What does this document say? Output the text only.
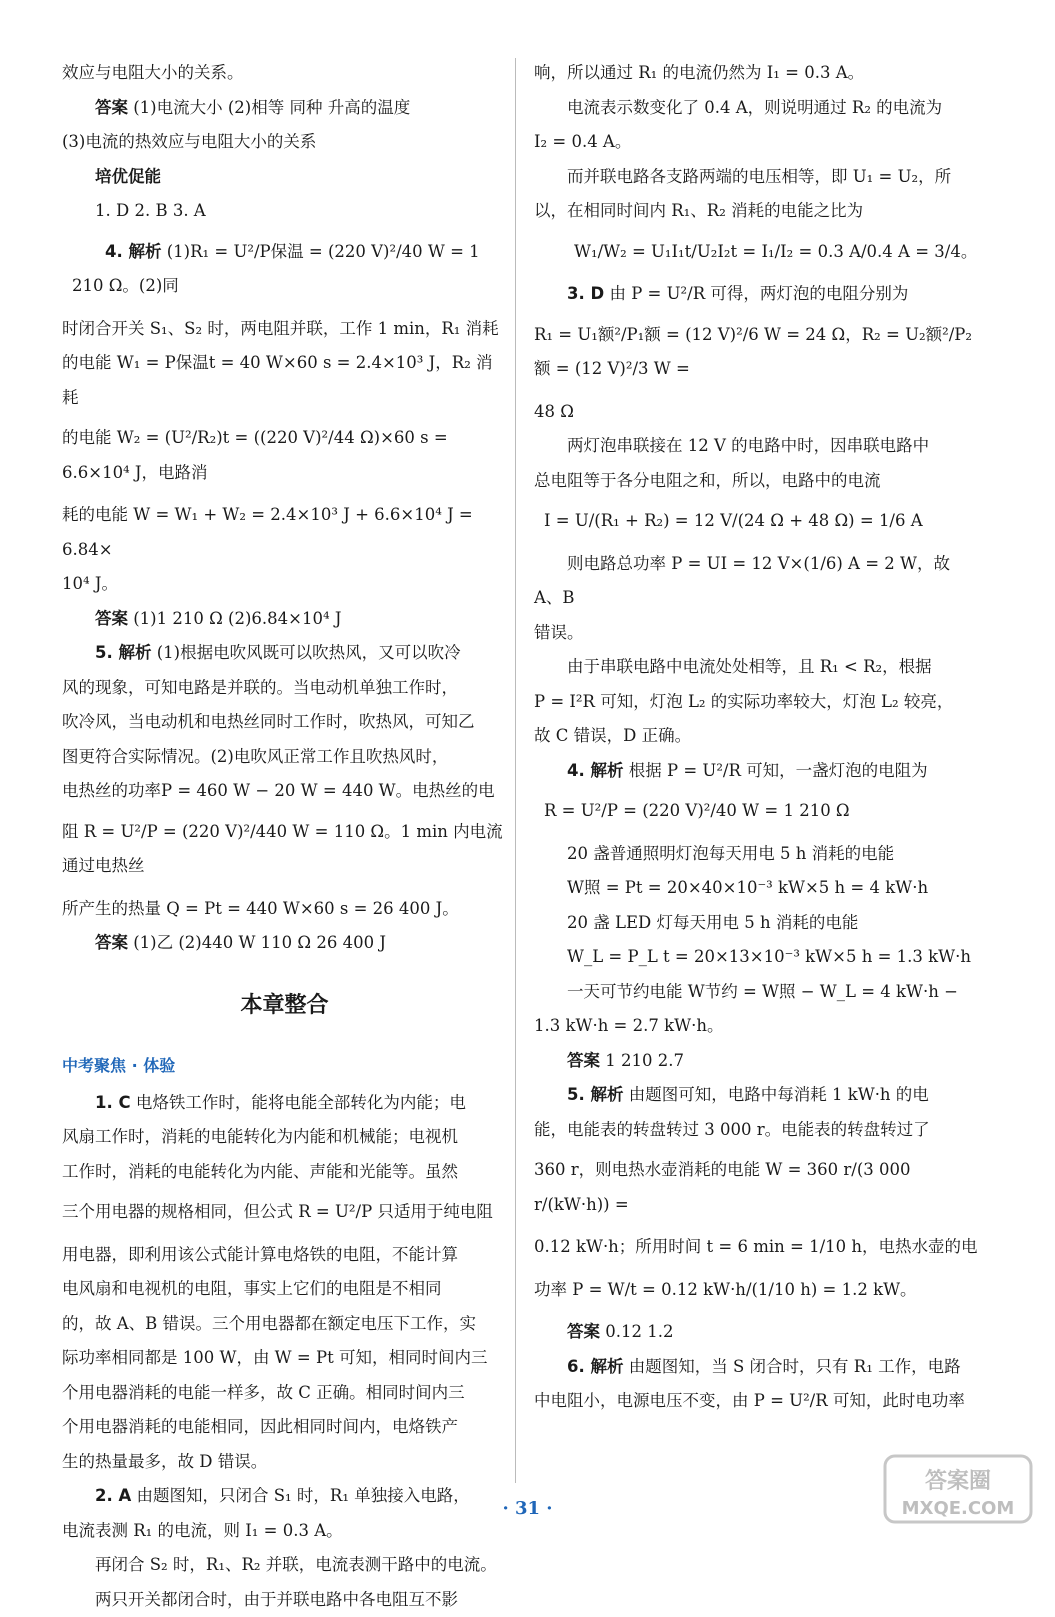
效应与电阻大小的关系。

答案 (1)电流大小 (2)相等 同种 升高的温度

(3)电流的热效应与电阻大小的关系

培优促能

1. D 2. B 3. A

4. 解析 (1)R₁ = U²/P保温 = (220 V)²/40 W = 1 210 Ω。(2)同

时闭合开关 S₁、S₂ 时，两电阻并联，工作 1 min，R₁ 消耗

的电能 W₁ = P保温t = 40 W×60 s = 2.4×10³ J，R₂ 消耗

的电能 W₂ = (U²/R₂)t = ((220 V)²/44 Ω)×60 s = 6.6×10⁴ J，电路消

耗的电能 W = W₁ + W₂ = 2.4×10³ J + 6.6×10⁴ J = 6.84×

10⁴ J。

答案 (1)1 210 Ω (2)6.84×10⁴ J

5. 解析 (1)根据电吹风既可以吹热风，又可以吹冷

风的现象，可知电路是并联的。当电动机单独工作时，

吹冷风，当电动机和电热丝同时工作时，吹热风，可知乙

图更符合实际情况。(2)电吹风正常工作且吹热风时，

电热丝的功率P = 460 W − 20 W = 440 W。电热丝的电

阻 R = U²/P = (220 V)²/440 W = 110 Ω。1 min 内电流通过电热丝

所产生的热量 Q = Pt = 440 W×60 s = 26 400 J。

答案 (1)乙 (2)440 W 110 Ω 26 400 J

本章整合
中考聚焦 · 体验

1. C 电烙铁工作时，能将电能全部转化为内能；电

风扇工作时，消耗的电能转化为内能和机械能；电视机

工作时，消耗的电能转化为内能、声能和光能等。虽然

三个用电器的规格相同，但公式 R = U²/P 只适用于纯电阻

用电器，即利用该公式能计算电烙铁的电阻，不能计算

电风扇和电视机的电阻，事实上它们的电阻是不相同

的，故 A、B 错误。三个用电器都在额定电压下工作，实

际功率相同都是 100 W，由 W = Pt 可知，相同时间内三

个用电器消耗的电能一样多，故 C 正确。相同时间内三

个用电器消耗的电能相同，因此相同时间内，电烙铁产

生的热量最多，故 D 错误。

2. A 由题图知，只闭合 S₁ 时，R₁ 单独接入电路，

电流表测 R₁ 的电流，则 I₁ = 0.3 A。

再闭合 S₂ 时，R₁、R₂ 并联，电流表测干路中的电流。

两只开关都闭合时，由于并联电路中各电阻互不影

响，所以通过 R₁ 的电流仍然为 I₁ = 0.3 A。

电流表示数变化了 0.4 A，则说明通过 R₂ 的电流为

I₂ = 0.4 A。

而并联电路各支路两端的电压相等，即 U₁ = U₂，所

以，在相同时间内 R₁、R₂ 消耗的电能之比为

W₁/W₂ = U₁I₁t/U₂I₂t = I₁/I₂ = 0.3 A/0.4 A = 3/4。

3. D 由 P = U²/R 可得，两灯泡的电阻分别为

R₁ = U₁额²/P₁额 = (12 V)²/6 W = 24 Ω，R₂ = U₂额²/P₂额 = (12 V)²/3 W =

48 Ω

两灯泡串联接在 12 V 的电路中时，因串联电路中

总电阻等于各分电阻之和，所以，电路中的电流

I = U/(R₁ + R₂) = 12 V/(24 Ω + 48 Ω) = 1/6 A

则电路总功率 P = UI = 12 V×(1/6) A = 2 W，故 A、B

错误。

由于串联电路中电流处处相等，且 R₁ < R₂，根据

P = I²R 可知，灯泡 L₂ 的实际功率较大，灯泡 L₂ 较亮，

故 C 错误，D 正确。

4. 解析 根据 P = U²/R 可知，一盏灯泡的电阻为

R = U²/P = (220 V)²/40 W = 1 210 Ω

20 盏普通照明灯泡每天用电 5 h 消耗的电能

W照 = Pt = 20×40×10⁻³ kW×5 h = 4 kW·h

20 盏 LED 灯每天用电 5 h 消耗的电能

W_L = P_L t = 20×13×10⁻³ kW×5 h = 1.3 kW·h

一天可节约电能 W节约 = W照 − W_L = 4 kW·h −

1.3 kW·h = 2.7 kW·h。

答案 1 210 2.7

5. 解析 由题图可知，电路中每消耗 1 kW·h 的电

能，电能表的转盘转过 3 000 r。电能表的转盘转过了

360 r，则电热水壶消耗的电能 W = 360 r/(3 000 r/(kW·h)) =

0.12 kW·h；所用时间 t = 6 min = 1/10 h，电热水壶的电

功率 P = W/t = 0.12 kW·h/(1/10 h) = 1.2 kW。

答案 0.12 1.2

6. 解析 由题图知，当 S 闭合时，只有 R₁ 工作，电路

中电阻小，电源电压不变，由 P = U²/R 可知，此时电功率

· 31 ·
答案圈
MXQE.COM
